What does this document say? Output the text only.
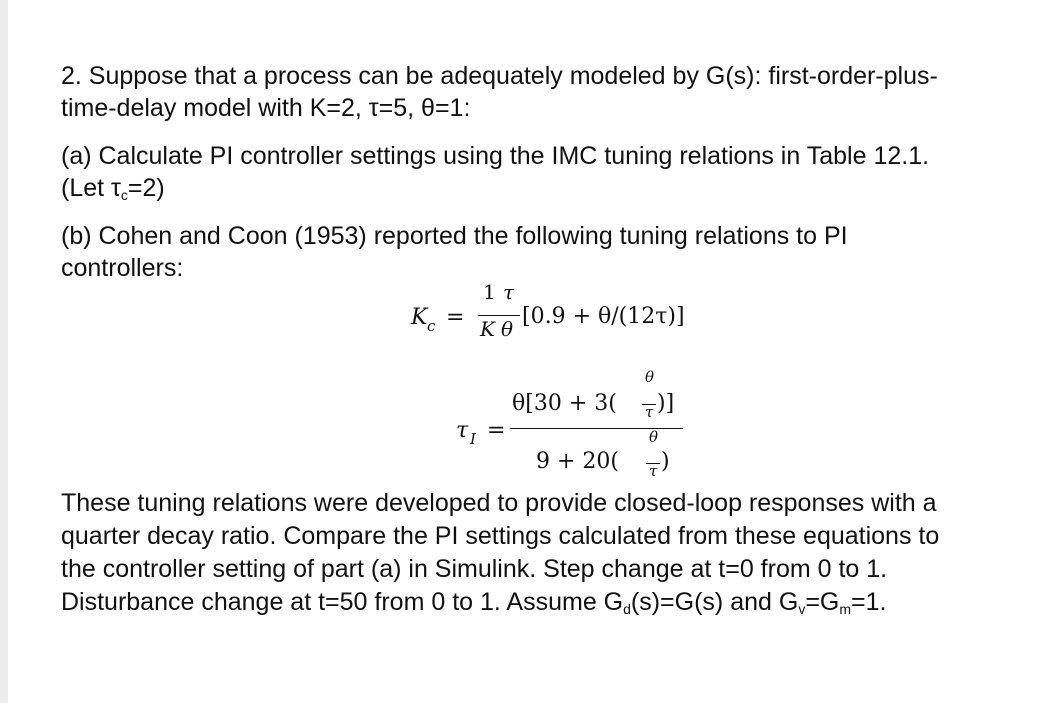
2. Suppose that a process can be adequately modeled by G(s): first-order-plus-
time-delay model with K=2, τ=5, θ=1:

(a) Calculate PI controller settings using the IMC tuning relations in Table 12.1.
(Let $\tau_c=2$)

(b) Cohen and Coon (1953) reported the following tuning relations to PI
controllers:

K c =
1 τ
K θ [0.9 + θ/(12τ)]
τ I =
θ[30 + 3(
θ
τ )]
9 + 20(
θ
τ )

These tuning relations were developed to provide closed-loop responses with a
quarter decay ratio. Compare the PI settings calculated from these equations to
the controller setting of part (a) in Simulink. Step change at t=0 from 0 to 1.
Disturbance change at t=50 from 0 to 1. Assume $G_d(s)=G(s)$ and $G_v=G_m=1$.
